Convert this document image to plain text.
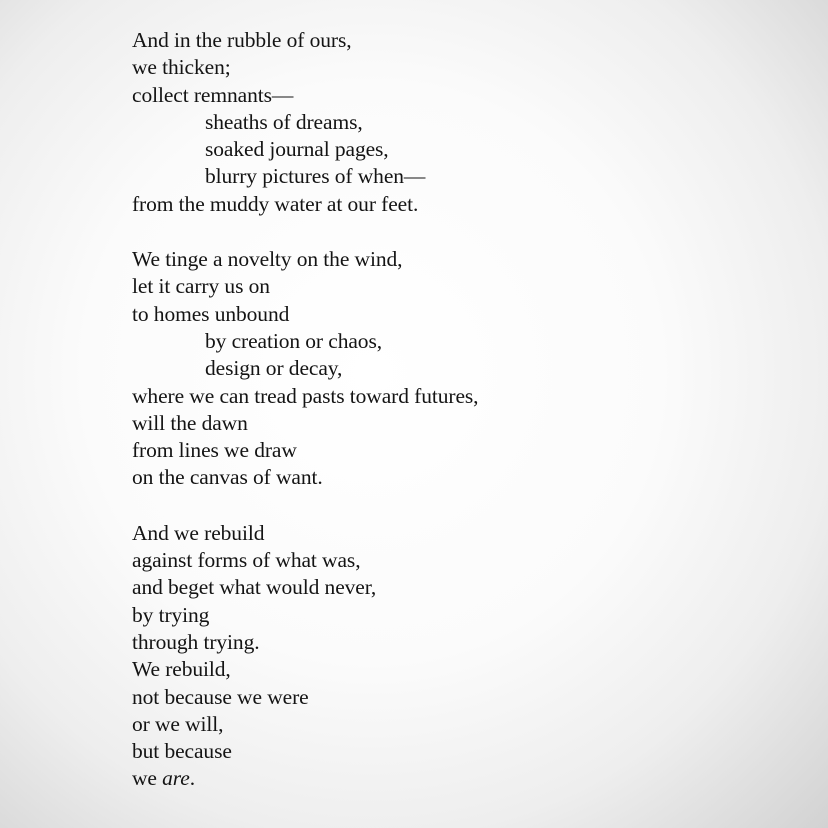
And in the rubble of ours,
we thicken;
collect remnants—
sheaths of dreams,
soaked journal pages,
blurry pictures of when—
from the muddy water at our feet.
We tinge a novelty on the wind,
let it carry us on
to homes unbound
by creation or chaos,
design or decay,
where we can tread pasts toward futures,
will the dawn
from lines we draw
on the canvas of want.
And we rebuild
against forms of what was,
and beget what would never,
by trying
through trying.
We rebuild,
not because we were
or we will,
but because
we are.
